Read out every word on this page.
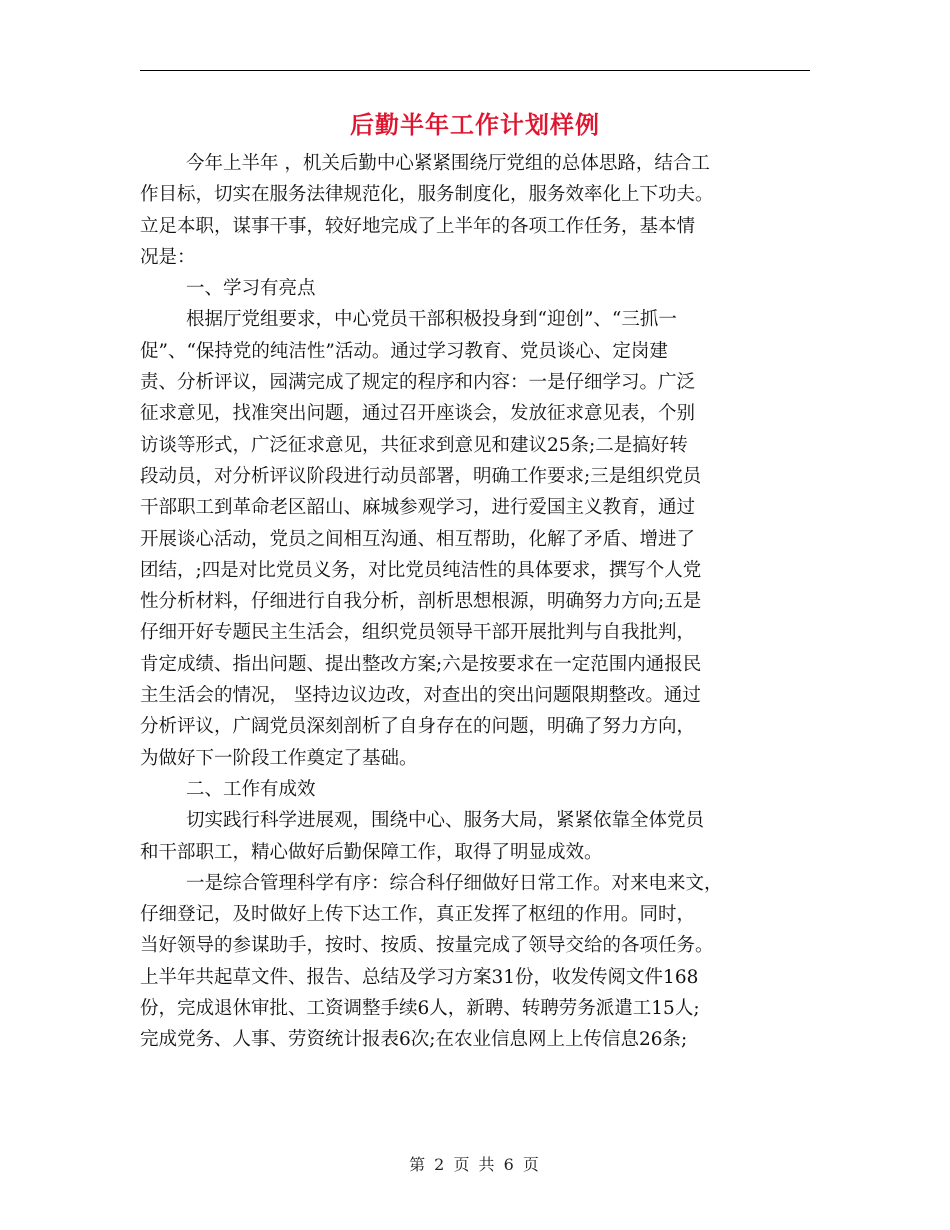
后勤半年工作计划样例
今年上半年 ，机关后勤中心紧紧围绕厅党组的总体思路，结合工
作目标，切实在服务法律规范化，服务制度化，服务效率化上下功夫。
立足本职，谋事干事，较好地完成了上半年的各项工作任务，基本情
况是：
一、学习有亮点
根据厅党组要求，中心党员干部积极投身到“迎创”、“三抓一
促”、“保持党的纯洁性”活动。通过学习教育、党员谈心、定岗建
责、分析评议，园满完成了规定的程序和内容：一是仔细学习。广泛
征求意见，找准突出问题，通过召开座谈会，发放征求意见表，个别
访谈等形式，广泛征求意见，共征求到意见和建议25条;二是搞好转
段动员，对分析评议阶段进行动员部署，明确工作要求;三是组织党员
干部职工到革命老区韶山、麻城参观学习，进行爱国主义教育，通过
开展谈心活动，党员之间相互沟通、相互帮助，化解了矛盾、增进了
团结，;四是对比党员义务，对比党员纯洁性的具体要求，撰写个人党
性分析材料，仔细进行自我分析，剖析思想根源，明确努力方向;五是
仔细开好专题民主生活会，组织党员领导干部开展批判与自我批判，
肯定成绩、指出问题、提出整改方案;六是按要求在一定范围内通报民
主生活会的情况， 坚持边议边改，对查出的突出问题限期整改。通过
分析评议，广阔党员深刻剖析了自身存在的问题，明确了努力方向，
为做好下一阶段工作奠定了基础。
二、工作有成效
切实践行科学进展观，围绕中心、服务大局，紧紧依靠全体党员
和干部职工，精心做好后勤保障工作，取得了明显成效。
一是综合管理科学有序：综合科仔细做好日常工作。对来电来文，
仔细登记，及时做好上传下达工作，真正发挥了枢纽的作用。同时，
当好领导的参谋助手，按时、按质、按量完成了领导交给的各项任务。
上半年共起草文件、报告、总结及学习方案31份，收发传阅文件168
份，完成退休审批、工资调整手续6人，新聘、转聘劳务派遣工15人;
完成党务、人事、劳资统计报表6次;在农业信息网上上传信息26条;
第 2 页 共 6 页
